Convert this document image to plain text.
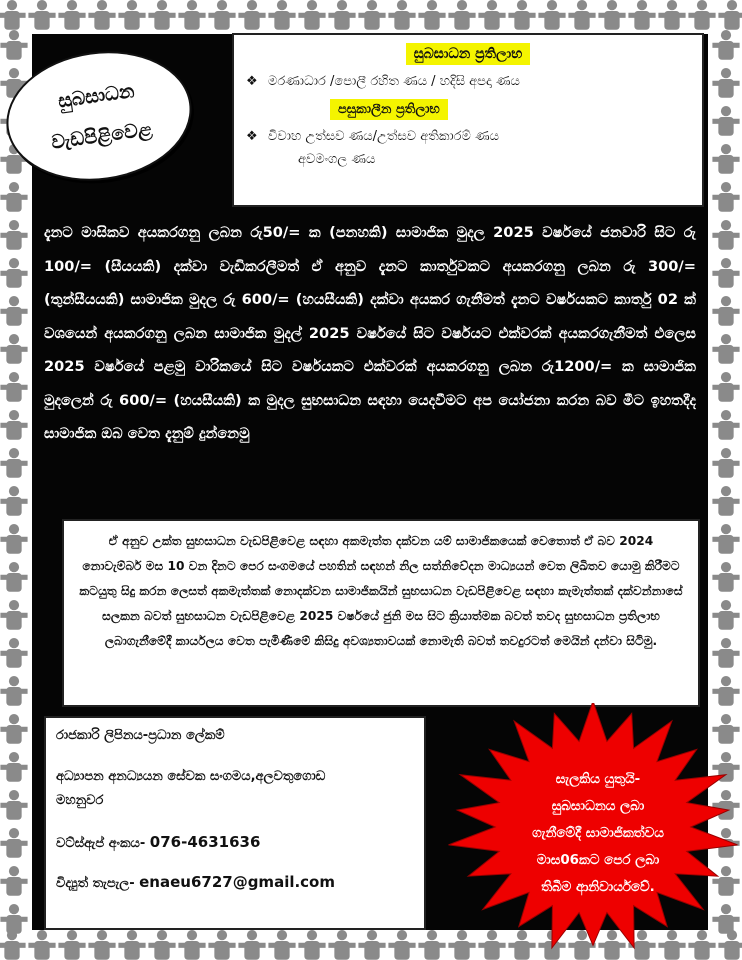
සුබසාධන
වැඩපිළිවෙළ
සුබසාධන ප්‍රතිලාභ
❖ මරණාධාර /පොලී රහිත ණය / හදිසි අපදා ණය
පසුකාලීන ප්‍රතිලාභ
❖ විවාහ උත්සව ණය/උත්සව අතිකාරම් ණය
අවමංගල ණය
දැනට මාසිකව අයකරගනු ලබන රු50/= ක (පනහකි) සාමාජික මුදල 2025 වර්ෂයේ ජනවාරි සිට රු 100/= (සීයයකි) දක්වා වැඩිකරලීමත් ඒ අනුව දැනට කාර්තුවකට අයකරගනු ලබන රු 300/= (තුන්සීයයකි) සාමාජික මුදල රු 600/= (හයසීයකි) දක්වා අයකර ගැනීමත් දැනට වර්ෂයකට කාර්තු 02 ක් වශයෙන් අයකරගනු ලබන සාමාජික මුදල් 2025 වර්ෂයේ සිට වර්ෂයට එක්වරක් අයකරගැනීමත් එලෙස 2025 වර්ෂයේ පළමු වාරිකයේ සිට වර්ෂයකට එක්වරක් අයකරගනු ලබන රු1200/= ක සාමාජික මුදලෙන් රු 600/= (හයසීයකි) ක මුදල සුභසාධන සඳහා යෙදවීමට අප යෝජනා කරන බව මීට ඉහතදීද සාමාජික ඔබ වෙත දැනුම් දුන්නෙමු
ඒ අනුව උක්ත සුභසාධන වැඩපිළිවෙළ සඳහා අකමැත්ත දක්වන යම් සාමාජිකයෙක් වෙතොත් ඒ බව 2024 නොවැම්බර් මස 10 වන දිනට පෙර සංගමයේ පහතින් සඳහන් නිල සත්නිවේදන මාධ්‍යයන් වෙත ලිඛිතව යොමු කිරීමට කටයුතු සිදු කරන ලෙසත් අකමැත්තක් නොදක්වන සාමාජිකයින් සුභසාධන වැඩපිළිවෙළ සඳහා කැමැත්තක් දක්වන්නාසේ සලකන බවත් සුභසාධන වැඩපිළිවෙළ 2025 වර්ෂයේ ජුනි මස සිට ක්‍රියාත්මක බවත් තවද සුභසාධන ප්‍රතිලාභ ලබාගැනීමේදී කාර්යලය වෙත පැමිණීමේ කිසිදු අවශ්‍යතාවයක් නොමැති බවත් තවදුරටත් මෙයින් දන්වා සිටිමු.
රාජකාරි ලිපිනය-ප්‍රධාන ලේකම්
අධ්‍යාපන අනධ්‍යයන සේවක සංගමය,අලවතුගොඩ
මහනුවර
වට්ස්ඇප් අංකය- 076-4631636
විද්‍යුත් තැපැල- enaeu6727@gmail.com
සැලකිය යුතුයි-
සුබසාධනය ලබා
ගැනීමේදී සාමාජිකත්වය
මාස06කට පෙර ලබා
තිබීම ආනිවාර්යවේ.
